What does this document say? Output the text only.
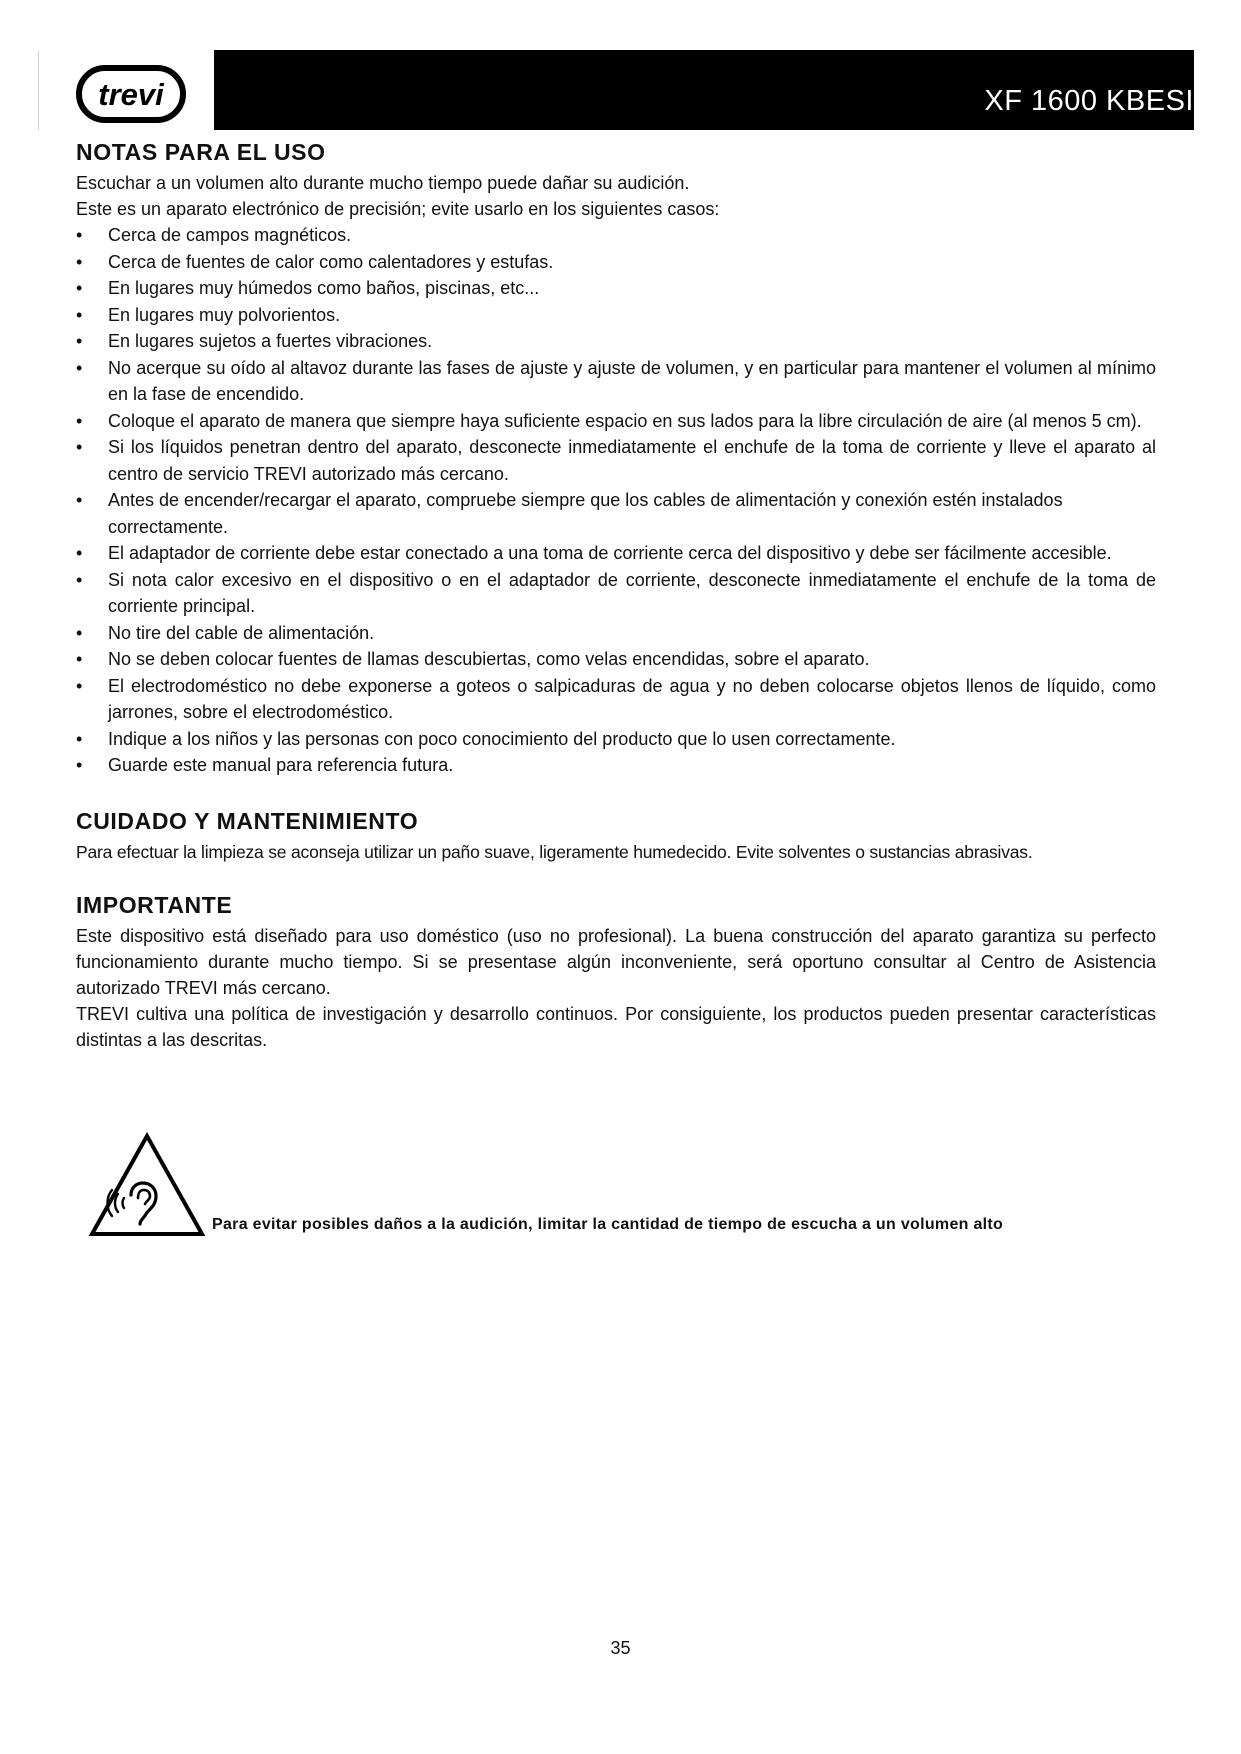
trevi	XF 1600 KBESI
NOTAS PARA EL USO

Escuchar a un volumen alto durante mucho tiempo puede dañar su audición.

Este es un aparato electrónico de precisión; evite usarlo en los siguientes casos:

• Cerca de campos magnéticos.
• Cerca de fuentes de calor como calentadores y estufas.
• En lugares muy húmedos como baños, piscinas, etc...
• En lugares muy polvorientos.
• En lugares sujetos a fuertes vibraciones.
• No acerque su oído al altavoz durante las fases de ajuste y ajuste de volumen, y en particular para mantener el volumen al mínimo en la fase de encendido.
• Coloque el aparato de manera que siempre haya suficiente espacio en sus lados para la libre circulación de aire (al menos 5 cm).
• Si los líquidos penetran dentro del aparato, desconecte inmediatamente el enchufe de la toma de corriente y lleve el aparato al centro de servicio TREVI autorizado más cercano.
• Antes de encender/recargar el aparato, compruebe siempre que los cables de alimentación y conexión estén instalados correctamente.
• El adaptador de corriente debe estar conectado a una toma de corriente cerca del dispositivo y debe ser fácilmente accesible.
• Si nota calor excesivo en el dispositivo o en el adaptador de corriente, desconecte inmediatamente el enchufe de la toma de corriente principal.
• No tire del cable de alimentación.
• No se deben colocar fuentes de llamas descubiertas, como velas encendidas, sobre el aparato.
• El electrodoméstico no debe exponerse a goteos o salpicaduras de agua y no deben colocarse objetos llenos de líquido, como jarrones, sobre el electrodoméstico.
• Indique a los niños y las personas con poco conocimiento del producto que lo usen correctamente.
• Guarde este manual para referencia futura.
CUIDADO Y MANTENIMIENTO

Para efectuar la limpieza se aconseja utilizar un paño suave, ligeramente humedecido. Evite solventes o sustancias abrasivas.

IMPORTANTE

Este dispositivo está diseñado para uso doméstico (uso no profesional). La buena construcción del aparato garantiza su perfecto funcionamiento durante mucho tiempo. Si se presentase algún inconveniente, será oportuno consultar al Centro de Asistencia autorizado TREVI más cercano.

TREVI cultiva una política de investigación y desarrollo continuos. Por consiguiente, los productos pueden presentar características distintas a las descritas.

Para evitar posibles daños a la audición, limitar la cantidad de tiempo de escucha a un volumen alto
35
